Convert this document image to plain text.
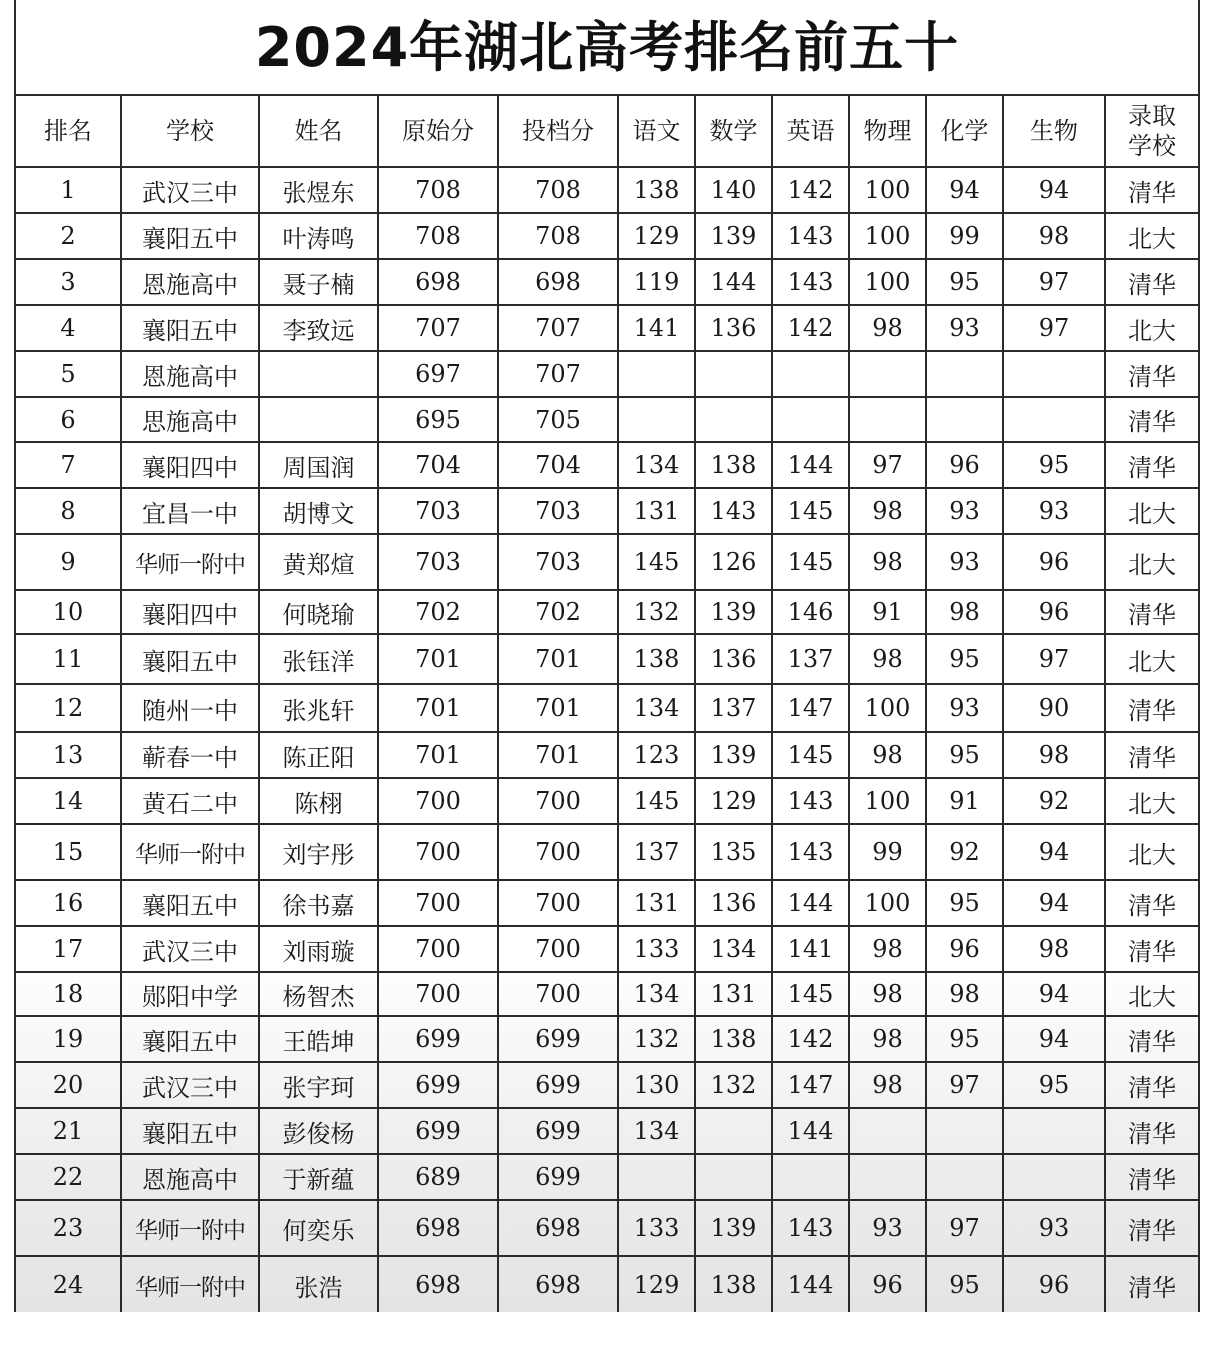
2024年湖北高考排名前五十
排名	学校	姓名	原始分	投档分	语文	数学	英语	物理	化学	生物	录取学校
1	武汉三中	张煜东	708	708	138	140	142	100	94	94	清华
2	襄阳五中	叶涛鸣	708	708	129	139	143	100	99	98	北大
3	恩施高中	聂子楠	698	698	119	144	143	100	95	97	清华
4	襄阳五中	李致远	707	707	141	136	142	98	93	97	北大
5	恩施高中		697	707							清华
6	思施高中		695	705							清华
7	襄阳四中	周国润	704	704	134	138	144	97	96	95	清华
8	宜昌一中	胡博文	703	703	131	143	145	98	93	93	北大
9	华师一附中	黄郑煊	703	703	145	126	145	98	93	96	北大
10	襄阳四中	何晓瑜	702	702	132	139	146	91	98	96	清华
11	襄阳五中	张钰洋	701	701	138	136	137	98	95	97	北大
12	随州一中	张兆轩	701	701	134	137	147	100	93	90	清华
13	蕲春一中	陈正阳	701	701	123	139	145	98	95	98	清华
14	黄石二中	陈栩	700	700	145	129	143	100	91	92	北大
15	华师一附中	刘宇彤	700	700	137	135	143	99	92	94	北大
16	襄阳五中	徐书嘉	700	700	131	136	144	100	95	94	清华
17	武汉三中	刘雨璇	700	700	133	134	141	98	96	98	清华
18	郧阳中学	杨智杰	700	700	134	131	145	98	98	94	北大
19	襄阳五中	王皓坤	699	699	132	138	142	98	95	94	清华
20	武汉三中	张宇珂	699	699	130	132	147	98	97	95	清华
21	襄阳五中	彭俊杨	699	699	134		144				清华
22	恩施高中	于新蕴	689	699							清华
23	华师一附中	何奕乐	698	698	133	139	143	93	97	93	清华
24	华师一附中	张浩	698	698	129	138	144	96	95	96	清华
